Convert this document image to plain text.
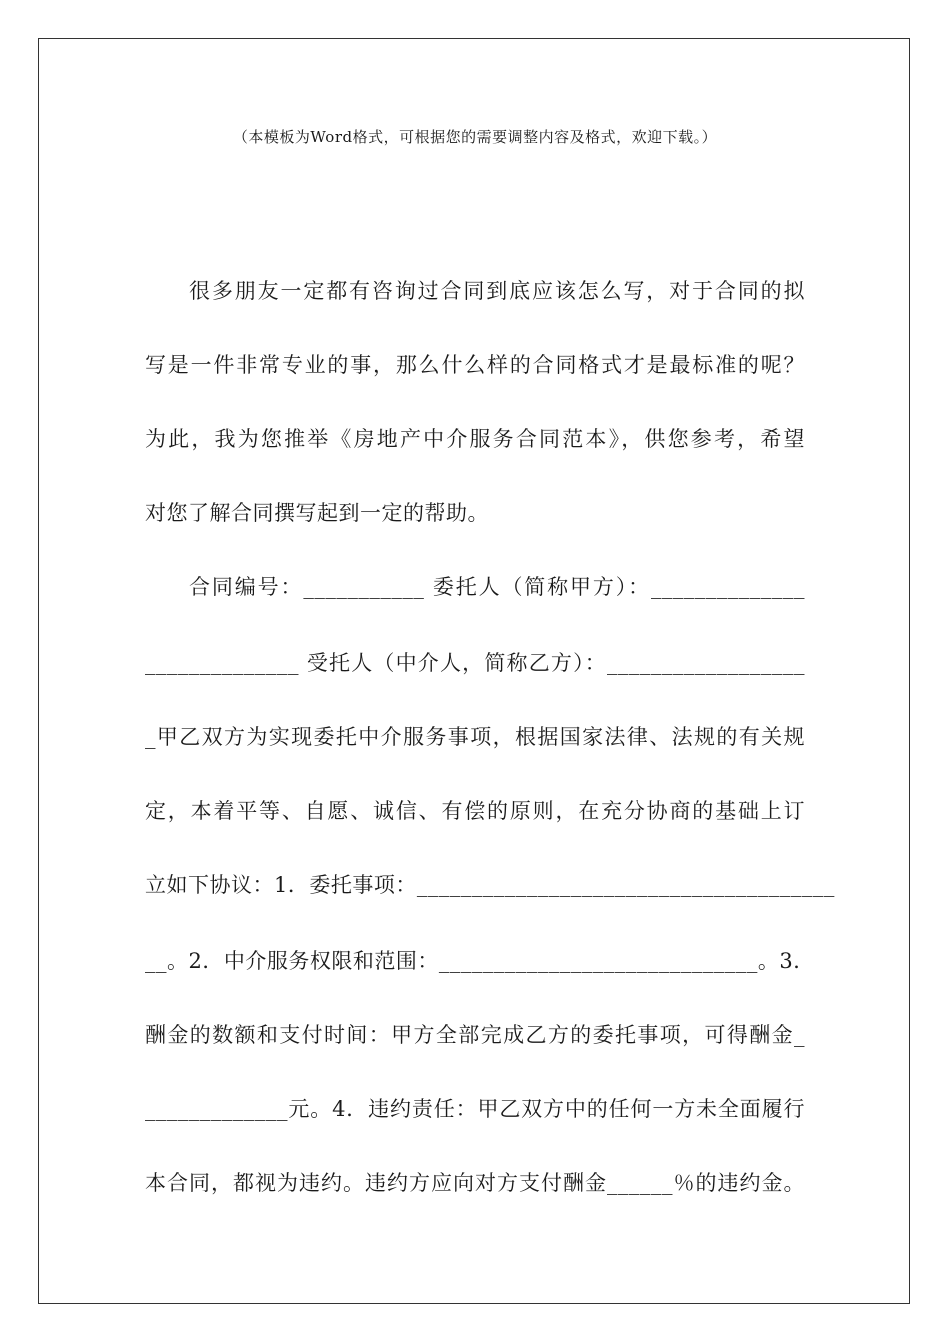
（本模板为Word格式，可根据您的需要调整内容及格式，欢迎下载。）
很多朋友一定都有咨询过合同到底应该怎么写，对于合同的拟
写是一件非常专业的事，那么什么样的合同格式才是最标准的呢？
为此，我为您推举《房地产中介服务合同范本》，供您参考，希望
对您了解合同撰写起到一定的帮助。
合同编号：___________ 委托人（简称甲方）：______________
______________ 受托人（中介人，简称乙方）：__________________
_甲乙双方为实现委托中介服务事项，根据国家法律、法规的有关规
定，本着平等、自愿、诚信、有偿的原则，在充分协商的基础上订
立如下协议：1．委托事项：______________________________________
__。2．中介服务权限和范围：_____________________________。3．
酬金的数额和支付时间：甲方全部完成乙方的委托事项，可得酬金_
_____________元。4．违约责任：甲乙双方中的任何一方未全面履行
本合同，都视为违约。违约方应向对方支付酬金______％的违约金。
